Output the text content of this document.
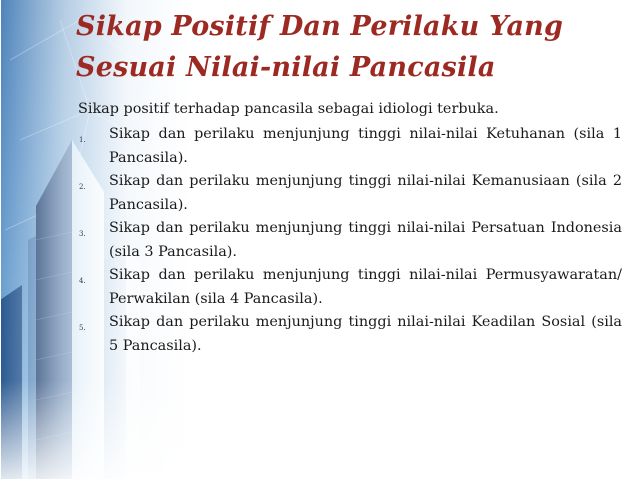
Sikap Positif Dan Perilaku Yang Sesuai Nilai-nilai Pancasila

Sikap positif terhadap pancasila sebagai idiologi terbuka.

1.	Sikap dan perilaku menjunjung tinggi nilai-nilai Ketuhanan (sila 1 Pancasila).
2.	Sikap dan perilaku menjunjung tinggi nilai-nilai Kemanusiaan (sila 2 Pancasila).
3.	Sikap dan perilaku menjunjung tinggi nilai-nilai Persatuan Indonesia (sila 3 Pancasila).
4.	Sikap dan perilaku menjunjung tinggi nilai-nilai Permusyawaratan/ Perwakilan (sila 4 Pancasila).
5.	Sikap dan perilaku menjunjung tinggi nilai-nilai Keadilan Sosial (sila 5 Pancasila).
